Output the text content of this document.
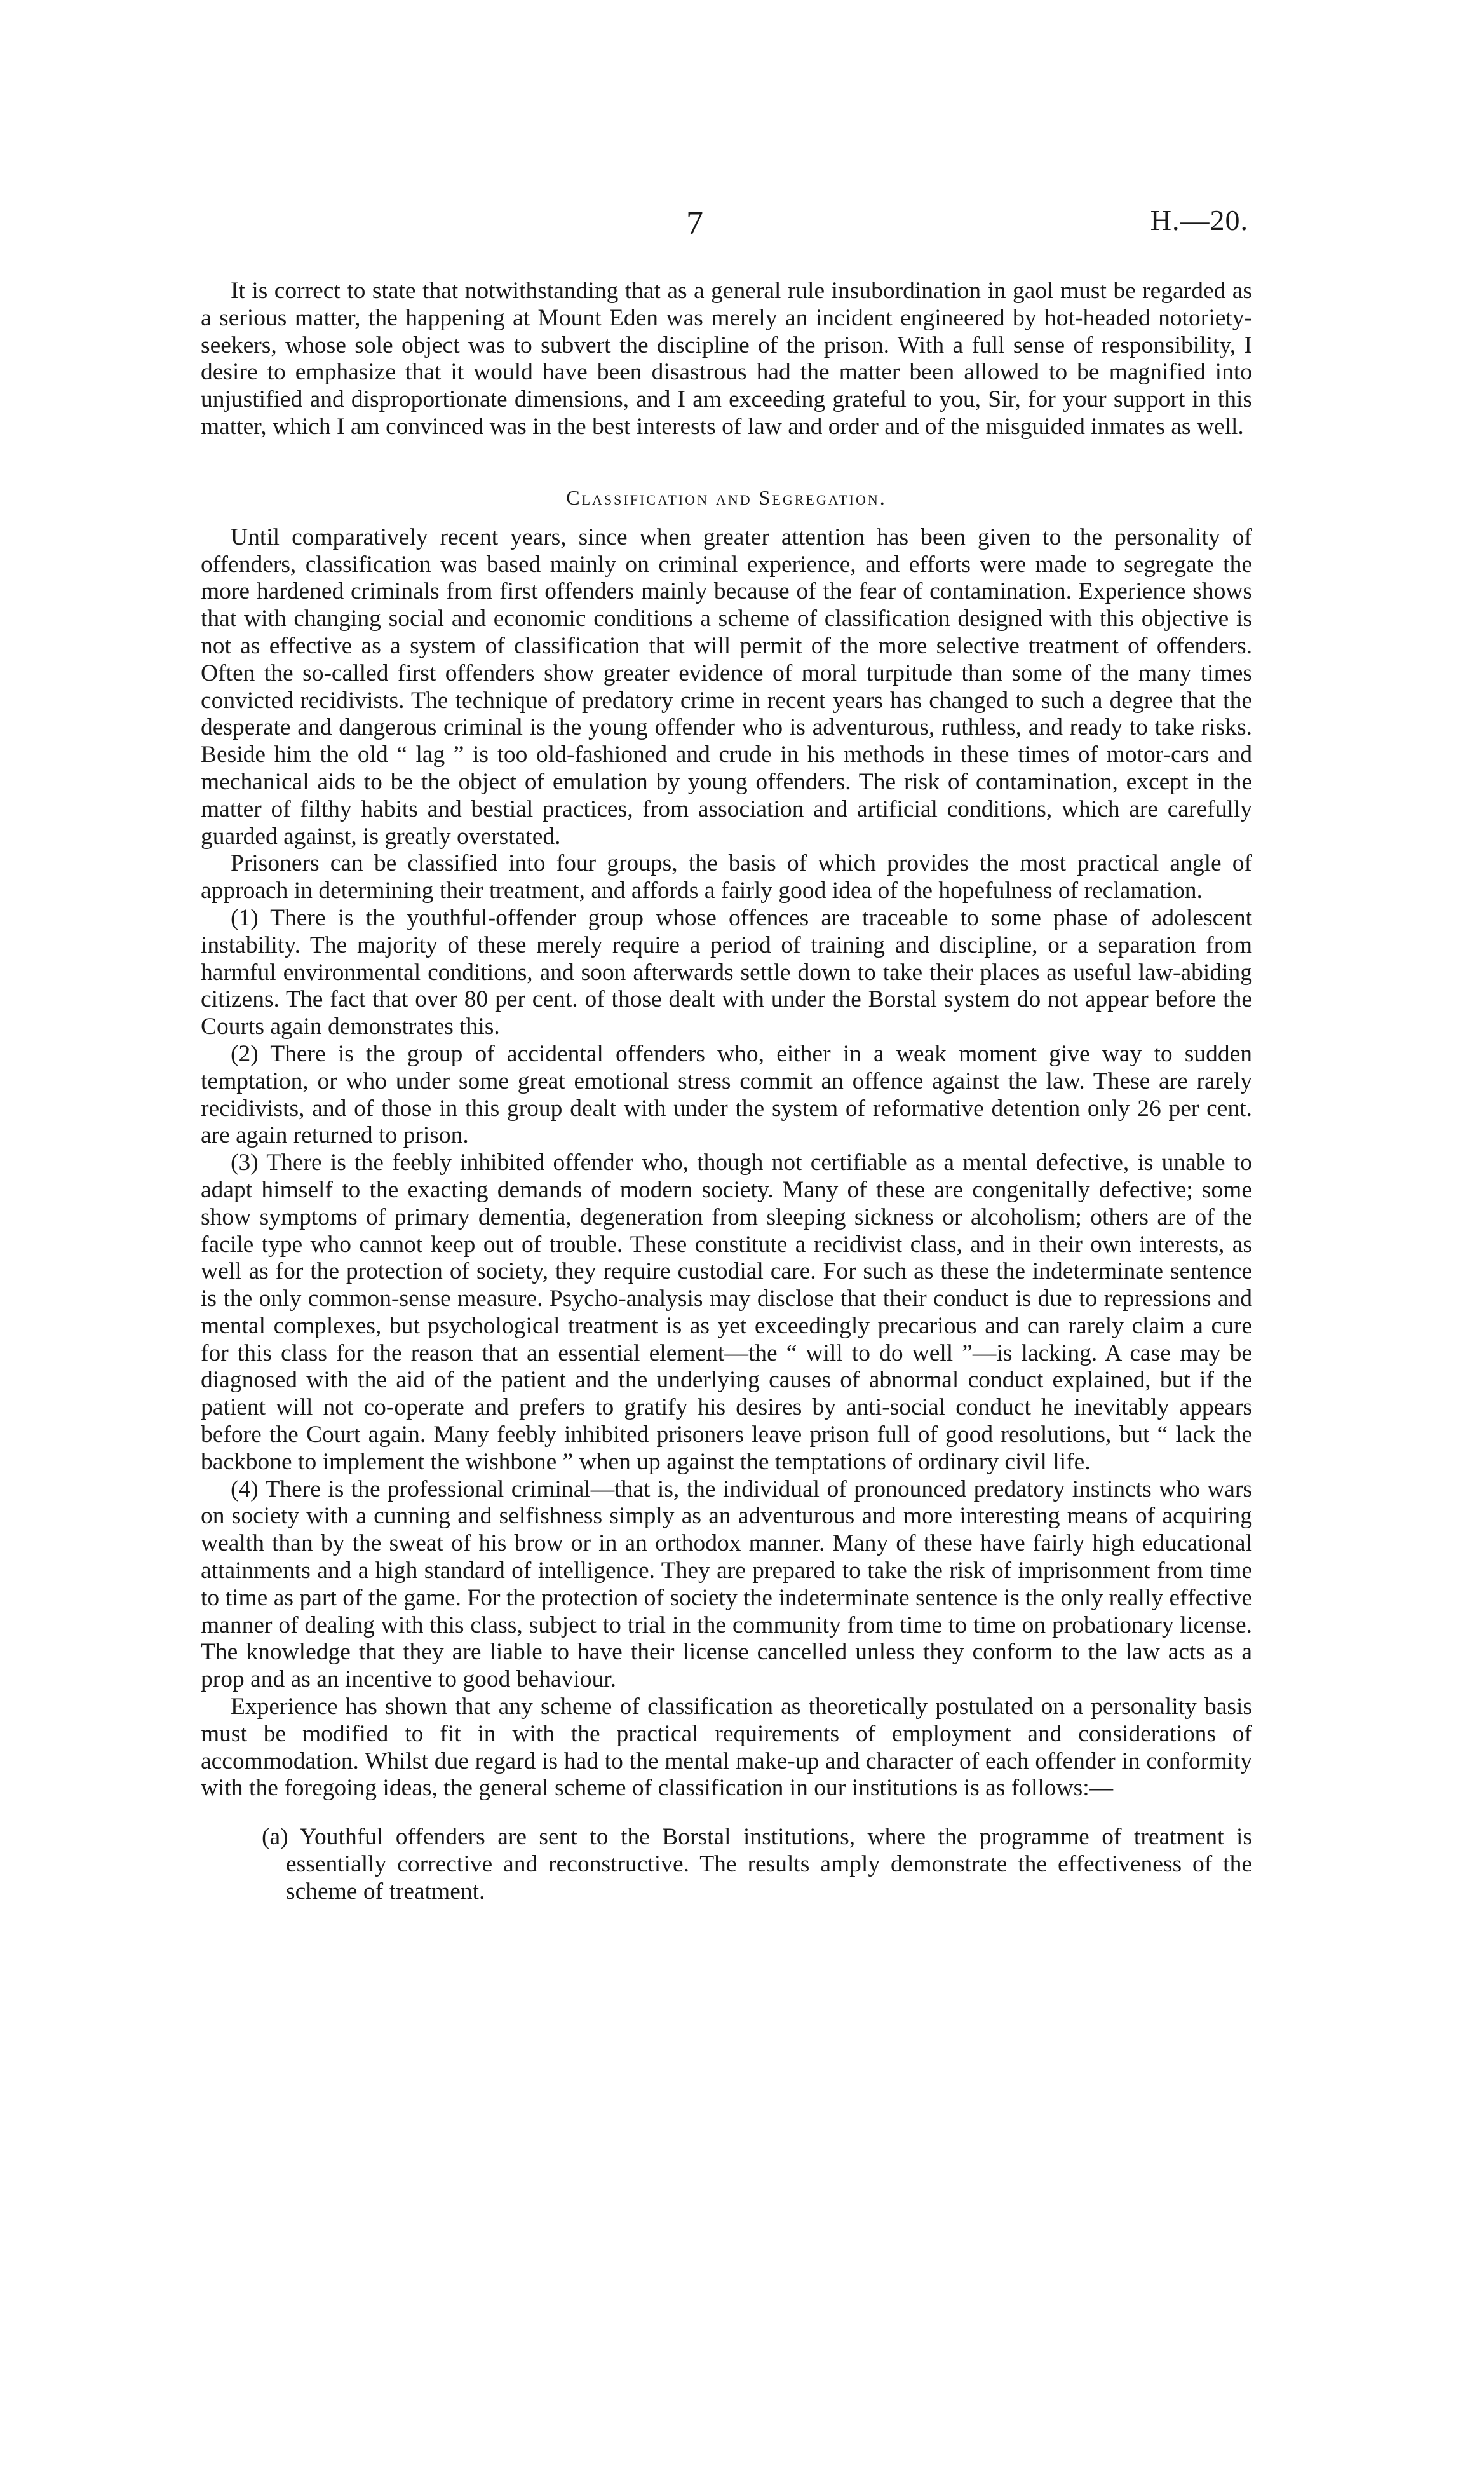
7	H.—20.

It is correct to state that notwithstanding that as a general rule insubordination in gaol must be regarded as a serious matter, the happening at Mount Eden was merely an incident engineered by hot-headed notoriety-seekers, whose sole object was to subvert the discipline of the prison. With a full sense of responsibility, I desire to emphasize that it would have been disastrous had the matter been allowed to be magnified into unjustified and disproportionate dimensions, and I am exceeding grateful to you, Sir, for your support in this matter, which I am convinced was in the best interests of law and order and of the misguided inmates as well.

Classification and Segregation.

Until comparatively recent years, since when greater attention has been given to the personality of offenders, classification was based mainly on criminal experience, and efforts were made to segregate the more hardened criminals from first offenders mainly because of the fear of contamination. Experience shows that with changing social and economic conditions a scheme of classification designed with this objective is not as effective as a system of classification that will permit of the more selective treatment of offenders. Often the so-called first offenders show greater evidence of moral turpitude than some of the many times convicted recidivists. The technique of predatory crime in recent years has changed to such a degree that the desperate and dangerous criminal is the young offender who is adventurous, ruthless, and ready to take risks. Beside him the old “ lag ” is too old-fashioned and crude in his methods in these times of motor-cars and mechanical aids to be the object of emulation by young offenders. The risk of contamination, except in the matter of filthy habits and bestial practices, from association and artificial conditions, which are carefully guarded against, is greatly overstated.

Prisoners can be classified into four groups, the basis of which provides the most practical angle of approach in determining their treatment, and affords a fairly good idea of the hopefulness of reclamation.

(1) There is the youthful-offender group whose offences are traceable to some phase of adolescent instability. The majority of these merely require a period of training and discipline, or a separation from harmful environmental conditions, and soon afterwards settle down to take their places as useful law-abiding citizens. The fact that over 80 per cent. of those dealt with under the Borstal system do not appear before the Courts again demonstrates this.

(2) There is the group of accidental offenders who, either in a weak moment give way to sudden temptation, or who under some great emotional stress commit an offence against the law. These are rarely recidivists, and of those in this group dealt with under the system of reformative detention only 26 per cent. are again returned to prison.

(3) There is the feebly inhibited offender who, though not certifiable as a mental defective, is unable to adapt himself to the exacting demands of modern society. Many of these are congenitally defective; some show symptoms of primary dementia, degeneration from sleeping sickness or alcoholism; others are of the facile type who cannot keep out of trouble. These constitute a recidivist class, and in their own interests, as well as for the protection of society, they require custodial care. For such as these the indeterminate sentence is the only common-sense measure. Psycho-analysis may disclose that their conduct is due to repressions and mental complexes, but psychological treatment is as yet exceedingly precarious and can rarely claim a cure for this class for the reason that an essential element—the “ will to do well ”—is lacking. A case may be diagnosed with the aid of the patient and the underlying causes of abnormal conduct explained, but if the patient will not co-operate and prefers to gratify his desires by anti-social conduct he inevitably appears before the Court again. Many feebly inhibited prisoners leave prison full of good resolutions, but “ lack the backbone to implement the wishbone ” when up against the temptations of ordinary civil life.

(4) There is the professional criminal—that is, the individual of pronounced predatory instincts who wars on society with a cunning and selfishness simply as an adventurous and more interesting means of acquiring wealth than by the sweat of his brow or in an orthodox manner. Many of these have fairly high educational attainments and a high standard of intelligence. They are prepared to take the risk of imprisonment from time to time as part of the game. For the protection of society the indeterminate sentence is the only really effective manner of dealing with this class, subject to trial in the community from time to time on probationary license. The knowledge that they are liable to have their license cancelled unless they conform to the law acts as a prop and as an incentive to good behaviour.

Experience has shown that any scheme of classification as theoretically postulated on a personality basis must be modified to fit in with the practical requirements of employment and considerations of accommodation. Whilst due regard is had to the mental make-up and character of each offender in conformity with the foregoing ideas, the general scheme of classification in our institutions is as follows:—

(a) Youthful offenders are sent to the Borstal institutions, where the programme of treatment is essentially corrective and reconstructive. The results amply demonstrate the effectiveness of the scheme of treatment.
